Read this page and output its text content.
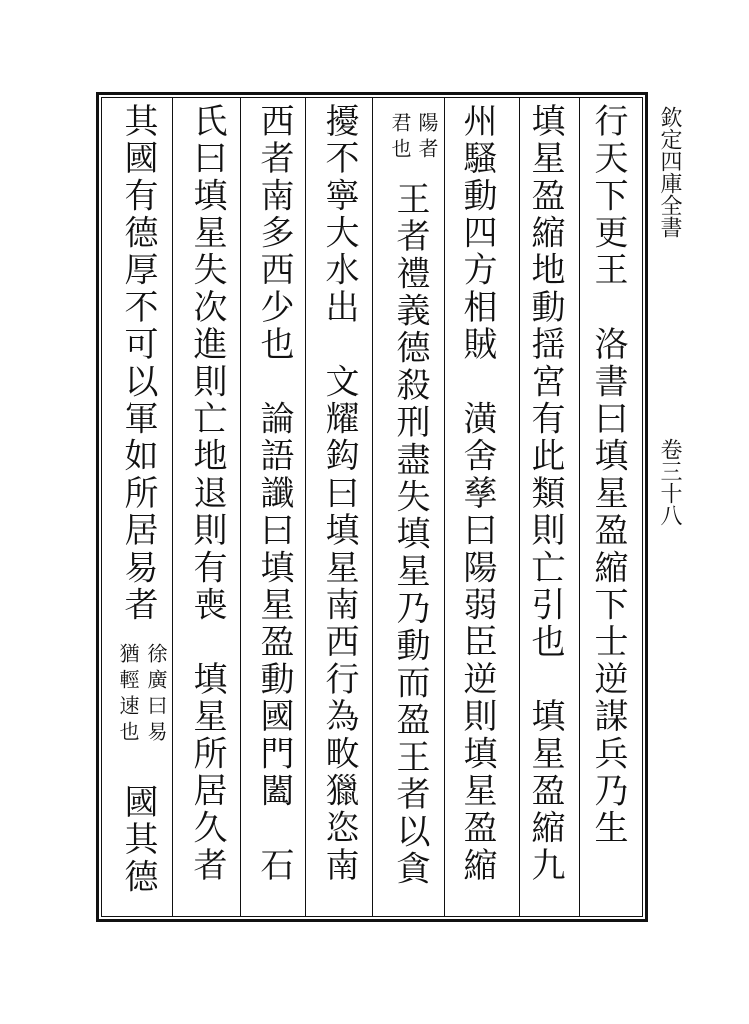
欽定四庫全書
卷三十八
行天下更王　洛書曰填星盈縮下士逆謀兵乃生
填星盈縮地動揺宮有此類則亡引也　填星盈縮九
州騷動四方相賊　潢舍孳曰陽弱臣逆則填星盈縮
陽者
君也
王者禮義德殺刑盡失填星乃動而盈王者以貪
擾不寧大水出　文耀鈎曰填星南西行為畋獵恣南
西者南多西少也　論語讖曰填星盈動國門闔　石
氏曰填星失次進則亡地退則有喪　填星所居久者
其國有德厚不可以軍如所居易者
徐廣曰易
猶輕速也
國其德
